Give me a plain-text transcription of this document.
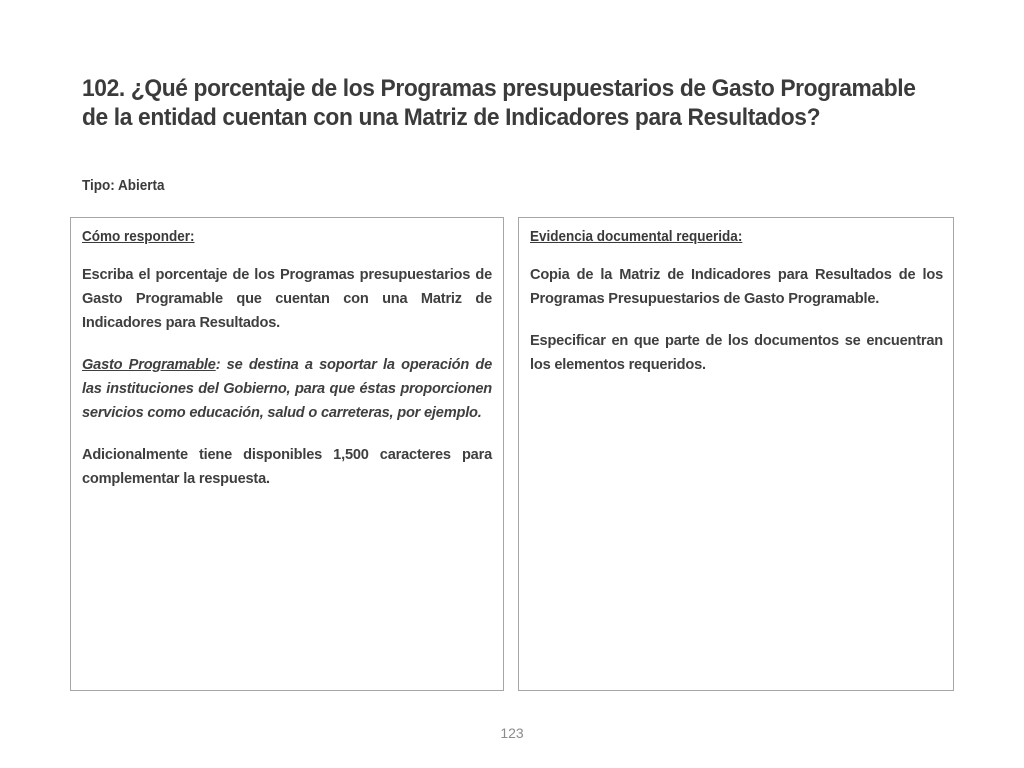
102. ¿Qué porcentaje de los Programas presupuestarios de Gasto Programable de la entidad cuentan con una Matriz de Indicadores para Resultados?

Tipo: Abierta

Cómo responder:

Escriba el porcentaje de los Programas presupuestarios de Gasto Programable que cuentan con una Matriz de Indicadores para Resultados.

Gasto Programable: se destina a soportar la operación de las instituciones del Gobierno, para que éstas proporcionen servicios como educación, salud o carreteras, por ejemplo.

Adicionalmente tiene disponibles 1,500 caracteres para complementar la respuesta.

Evidencia documental requerida:

Copia de la Matriz de Indicadores para Resultados de los Programas Presupuestarios de Gasto Programable.

Especificar en que parte de los documentos se encuentran los elementos requeridos.

123
